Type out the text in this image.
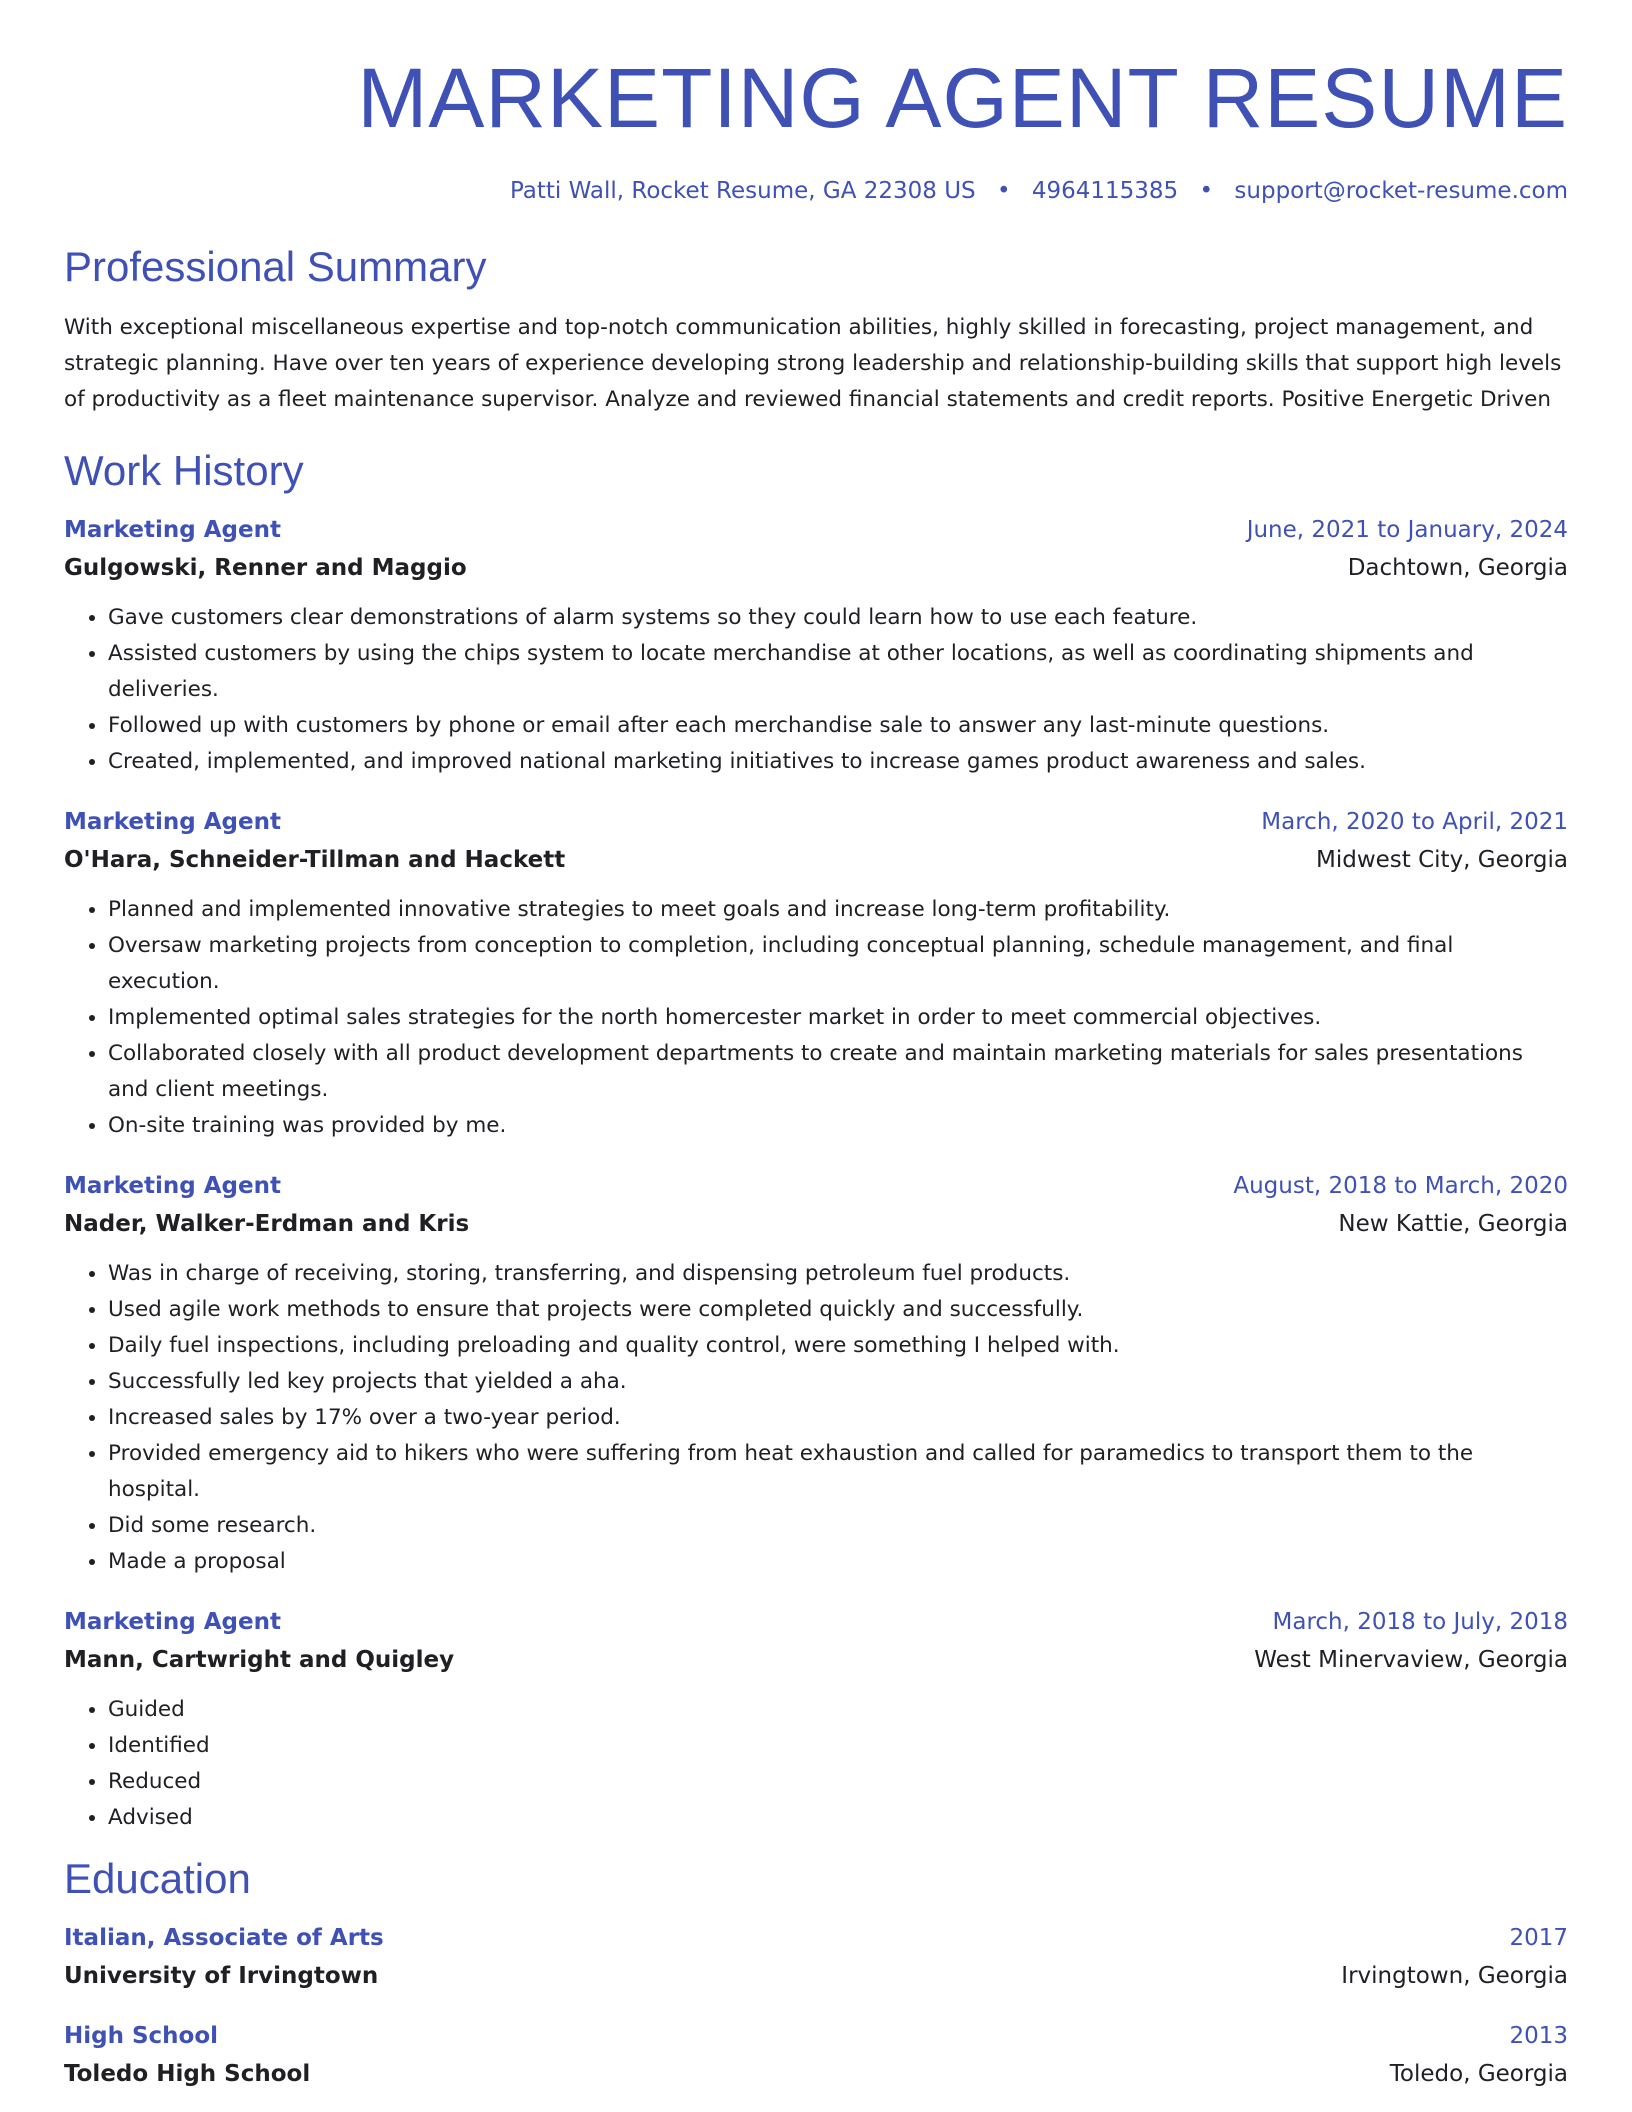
MARKETING AGENT RESUME
Patti Wall, Rocket Resume, GA 22308 US • 4964115385 • support@rocket-resume.com
Professional Summary
With exceptional miscellaneous expertise and top-notch communication abilities, highly skilled in forecasting, project management, and strategic planning. Have over ten years of experience developing strong leadership and relationship-building skills that support high levels of productivity as a fleet maintenance supervisor. Analyze and reviewed financial statements and credit reports. Positive Energetic Driven
Work History
Marketing Agent	June, 2021 to January, 2024
Gulgowski, Renner and Maggio	Dachtown, Georgia
• Gave customers clear demonstrations of alarm systems so they could learn how to use each feature.
• Assisted customers by using the chips system to locate merchandise at other locations, as well as coordinating shipments and deliveries.
• Followed up with customers by phone or email after each merchandise sale to answer any last-minute questions.
• Created, implemented, and improved national marketing initiatives to increase games product awareness and sales.
Marketing Agent	March, 2020 to April, 2021
O'Hara, Schneider-Tillman and Hackett	Midwest City, Georgia
• Planned and implemented innovative strategies to meet goals and increase long-term profitability.
• Oversaw marketing projects from conception to completion, including conceptual planning, schedule management, and final execution.
• Implemented optimal sales strategies for the north homercester market in order to meet commercial objectives.
• Collaborated closely with all product development departments to create and maintain marketing materials for sales presentations and client meetings.
• On-site training was provided by me.
Marketing Agent	August, 2018 to March, 2020
Nader, Walker-Erdman and Kris	New Kattie, Georgia
• Was in charge of receiving, storing, transferring, and dispensing petroleum fuel products.
• Used agile work methods to ensure that projects were completed quickly and successfully.
• Daily fuel inspections, including preloading and quality control, were something I helped with.
• Successfully led key projects that yielded a aha.
• Increased sales by 17% over a two-year period.
• Provided emergency aid to hikers who were suffering from heat exhaustion and called for paramedics to transport them to the hospital.
• Did some research.
• Made a proposal
Marketing Agent	March, 2018 to July, 2018
Mann, Cartwright and Quigley	West Minervaview, Georgia
• Guided
• Identified
• Reduced
• Advised
Education
Italian, Associate of Arts	2017
University of Irvingtown	Irvingtown, Georgia
High School	2013
Toledo High School	Toledo, Georgia
